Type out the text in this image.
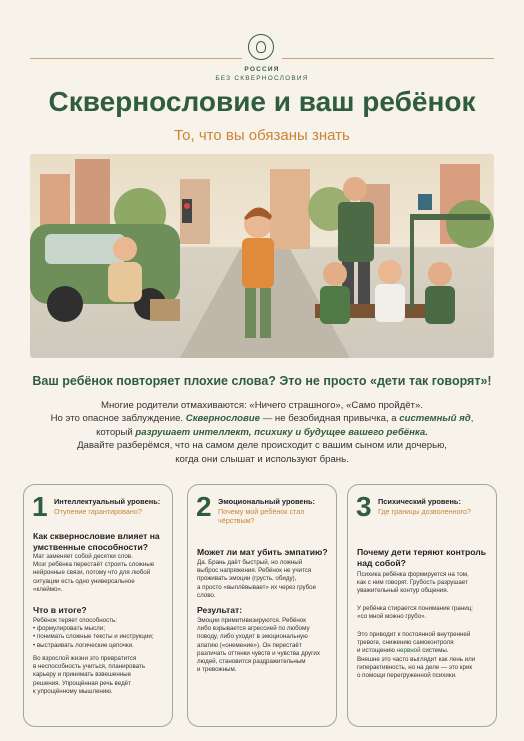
РОССИЯ
БЕЗ СКВЕРНОСЛОВИЯ
Сквернословие и ваш ребёнок
То, что вы обязаны знать
Ваш ребёнок повторяет плохие слова? Это не просто «дети так говорят»!
Многие родители отмахиваются: «Ничего страшного», «Само пройдёт».
Но это опасное заблуждение. Сквернословие — не безобидная привычка, а системный яд,
который разрушает интеллект, психику и будущее вашего ребёнка.
Давайте разберёмся, что на самом деле происходит с вашим сыном или дочерью,
когда они слышат и используют брань.
1 Интеллектуальный уровень:
Отупение гарантировано?
Как сквернословие влияет на умственные способности?
Мат заменяет собой десятки слов.
Мозг ребёнка перестаёт строить сложные
нейронные связи, потому что для любой
ситуации есть одно универсальное
«клеймо».
Что в итоге?
Ребёнок теряет способность:
• формулировать мысли;
• понимать сложные тексты и инструкции;
• выстраивать логические цепочки.
Во взрослой жизни это превратится
в неспособность учиться, планировать
карьеру и принимать взвешенные
решения. Упрощённая речь ведёт
к упрощённому мышлению.
2 Эмоциональный уровень:
Почему мой ребёнок стал чёрствым?
Может ли мат убить эмпатию?
Да. Брань даёт быстрый, но ложный
выброс напряжения. Ребёнок не учится
проживать эмоции (грусть, обиду),
а просто «выплёвывает» их через грубое
слово.
Результат:
Эмоции примитивизируются. Ребёнок
либо взрывается агрессией по любому
поводу, либо уходит в эмоциональную
апатию («онемение»). Он перестаёт
различать оттенки чувств и чувства других
людей, становится раздражительным
и тревожным.
3 Психический уровень:
Где границы дозволенного?
Почему дети теряют контроль над собой?
Психика ребёнка формируется на том,
как с ним говорят. Грубость разрушает
уважительный контур общения.
У ребёнка стирается понимание границ:
«со мной можно грубо».
Это приводит к постоянной внутренней
тревоге, снижению самоконтроля
и истощению нервной системы.
Внешне это часто выглядит как лень или
гиперактивность, но на деле — это крик
о помощи перегруженной психики.
